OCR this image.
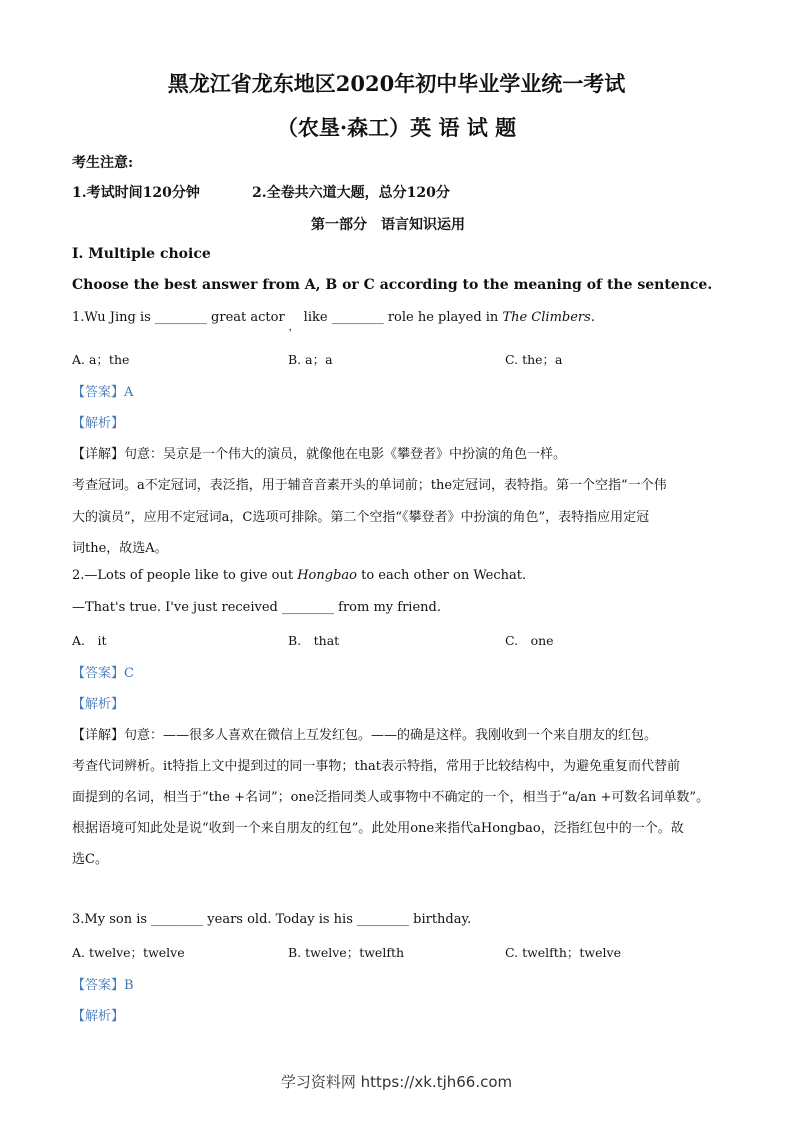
黑龙江省龙东地区2020年初中毕业学业统一考试
（农垦·森工）英 语 试 题
考生注意:
1.考试时间120分钟	2.全卷共六道大题，总分120分
第一部分　语言知识运用
I. Multiple choice
Choose the best answer from A, B or C according to the meaning of the sentence.
1.Wu Jing is ________ great actor$_,$like ________ role he played in The Climbers.
A. a；the	B. a；a	C. the；a
【答案】A
【解析】
【详解】句意：吴京是一个伟大的演员，就像他在电影《攀登者》中扮演的角色一样。
考查冠词。a不定冠词，表泛指，用于辅音音素开头的单词前；the定冠词，表特指。第一个空指“一个伟
大的演员”，应用不定冠词a，C选项可排除。第二个空指“《攀登者》中扮演的角色”，表特指应用定冠
词the，故选A。
2.—Lots of people like to give out Hongbao to each other on Wechat.
—That's true. I've just received ________ from my friend.
A.　it	B.　that	C.　one
【答案】C
【解析】
【详解】句意：——很多人喜欢在微信上互发红包。——的确是这样。我刚收到一个来自朋友的红包。
考查代词辨析。it特指上文中提到过的同一事物；that表示特指，常用于比较结构中，为避免重复而代替前
面提到的名词，相当于“the +名词”；one泛指同类人或事物中不确定的一个，相当于“a/an +可数名词单数”。
根据语境可知此处是说“收到一个来自朋友的红包”。此处用one来指代aHongbao，泛指红包中的一个。故
选C。
3.My son is ________ years old. Today is his ________ birthday.
A. twelve；twelve	B. twelve；twelfth	C. twelfth；twelve
【答案】B
【解析】
学习资料网 https://xk.tjh66.com
